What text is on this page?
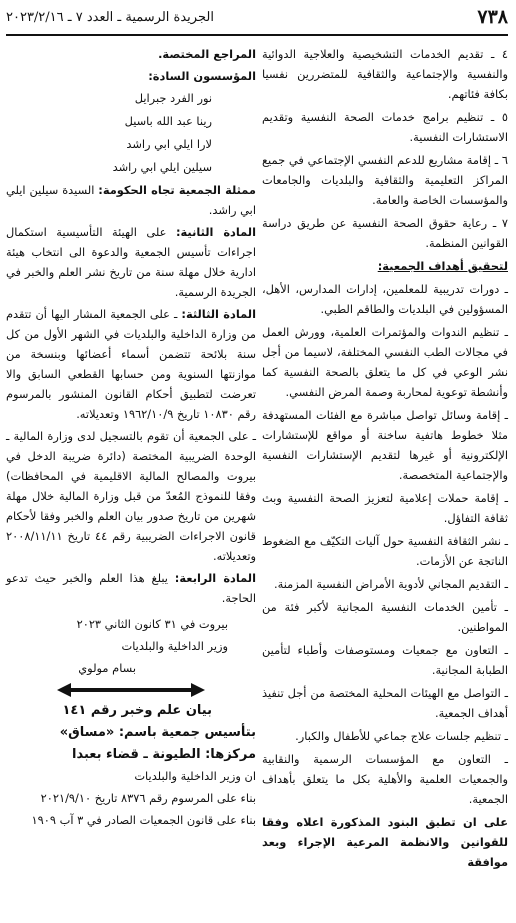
٧٣٨
الجريدة الرسمية ـ العدد ٧ ـ ٢٠٢٣/٢/١٦
٤ ـ تقديم الخدمات التشخيصية والعلاجية الدوائية والنفسية والإجتماعية والثقافية للمتضررين نفسيا بكافة فئاتهم.
٥ ـ تنظيم برامج خدمات الصحة النفسية وتقديم الاستشارات النفسية.
٦ ـ إقامة مشاريع للدعم النفسي الإجتماعي في جميع المراكز التعليمية والثقافية والبلديات والجامعات والمؤسسات الخاصة والعامة.
٧ ـ رعاية حقوق الصحة النفسية عن طريق دراسة القوانين المنظمة.
لتحقيق أهداف الجمعية:
ـ دورات تدريبية للمعلمين، إدارات المدارس، الأهل، المسؤولين في البلديات والطاقم الطبي.
ـ تنظيم الندوات والمؤتمرات العلمية، وورش العمل في مجالات الطب النفسي المختلفة، لاسيما من أجل نشر الوعي في كل ما يتعلق بالصحة النفسية كما وأنشطة توعوية لمحاربة وصمة المرض النفسي.
ـ إقامة وسائل تواصل مباشرة مع الفئات المستهدفة مثلا خطوط هاتفية ساخنة أو مواقع للإستشارات الإلكترونية أو غيرها لتقديم الإستشارات النفسية والإجتماعية المتخصصة.
ـ إقامة حملات إعلامية لتعزيز الصحة النفسية وبث ثقافة التفاؤل.
ـ نشر الثقافة النفسية حول آليات التكيّف مع الضغوط الناتجة عن الأزمات.
ـ التقديم المجاني لأدوية الأمراض النفسية المزمنة.
ـ تأمين الخدمات النفسية المجانية لأكبر فئة من المواطنين.
ـ التعاون مع جمعيات ومستوصفات وأطباء لتأمين الطبابة المجانية.
ـ التواصل مع الهيئات المحلية المختصة من أجل تنفيذ أهداف الجمعية.
ـ تنظيم جلسات علاج جماعي للأطفال والكبار.
ـ التعاون مع المؤسسات الرسمية والنقابية والجمعيات العلمية والأهلية بكل ما يتعلق بأهداف الجمعية.
على ان تطبق البنود المذكورة اعلاه وفقا للقوانين والانظمة المرعية الإجراء وبعد موافقة
المراجع المختصة.
المؤسسون السادة:
نور الفرد جبرايل
رينا عبد الله باسيل
لارا ايلي ابي راشد
سيلين ايلي ابي راشد
ممثلة الجمعية تجاه الحكومة: السيدة سيلين ايلي ابي راشد.
المادة الثانية: على الهيئة التأسيسية استكمال اجراءات تأسيس الجمعية والدعوة الى انتخاب هيئة ادارية خلال مهلة سنة من تاريخ نشر العلم والخبر في الجريدة الرسمية.
المادة الثالثة: ـ على الجمعية المشار اليها أن تتقدم من وزارة الداخلية والبلديات في الشهر الأول من كل سنة بلائحة تتضمن أسماء أعضائها وبنسخة من موازنتها السنوية ومن حسابها القطعي السابق والا تعرضت لتطبيق أحكام القانون المنشور بالمرسوم رقم ١٠٨٣٠ تاريخ ١٩٦٢/١٠/٩ وتعديلاته.
ـ على الجمعية أن تقوم بالتسجيل لدى وزارة المالية ـ الوحدة الضريبية المختصة (دائرة ضريبة الدخل في بيروت والمصالح المالية الاقليمية في المحافظات) وفقا للنموذج المُعدّ من قبل وزارة المالية خلال مهلة شهرين من تاريخ صدور بيان العلم والخبر وفقا لأحكام قانون الاجراءات الضريبية رقم ٤٤ تاريخ ٢٠٠٨/١١/١١ وتعديلاته.
المادة الرابعة: يبلغ هذا العلم والخبر حيث تدعو الحاجة.
بيروت في ٣١ كانون الثاني ٢٠٢٣
وزير الداخلية والبلديات
بسام مولوي
بيان علم وخبر رقم ١٤١
بتأسيس جمعية باسم: «مساق»
مركزها: الطيونة ـ قضاء بعبدا
ان وزير الداخلية والبلديات
بناء على المرسوم رقم ٨٣٧٦ تاريخ ٢٠٢١/٩/١٠
بناء على قانون الجمعيات الصادر في ٣ آب ١٩٠٩
